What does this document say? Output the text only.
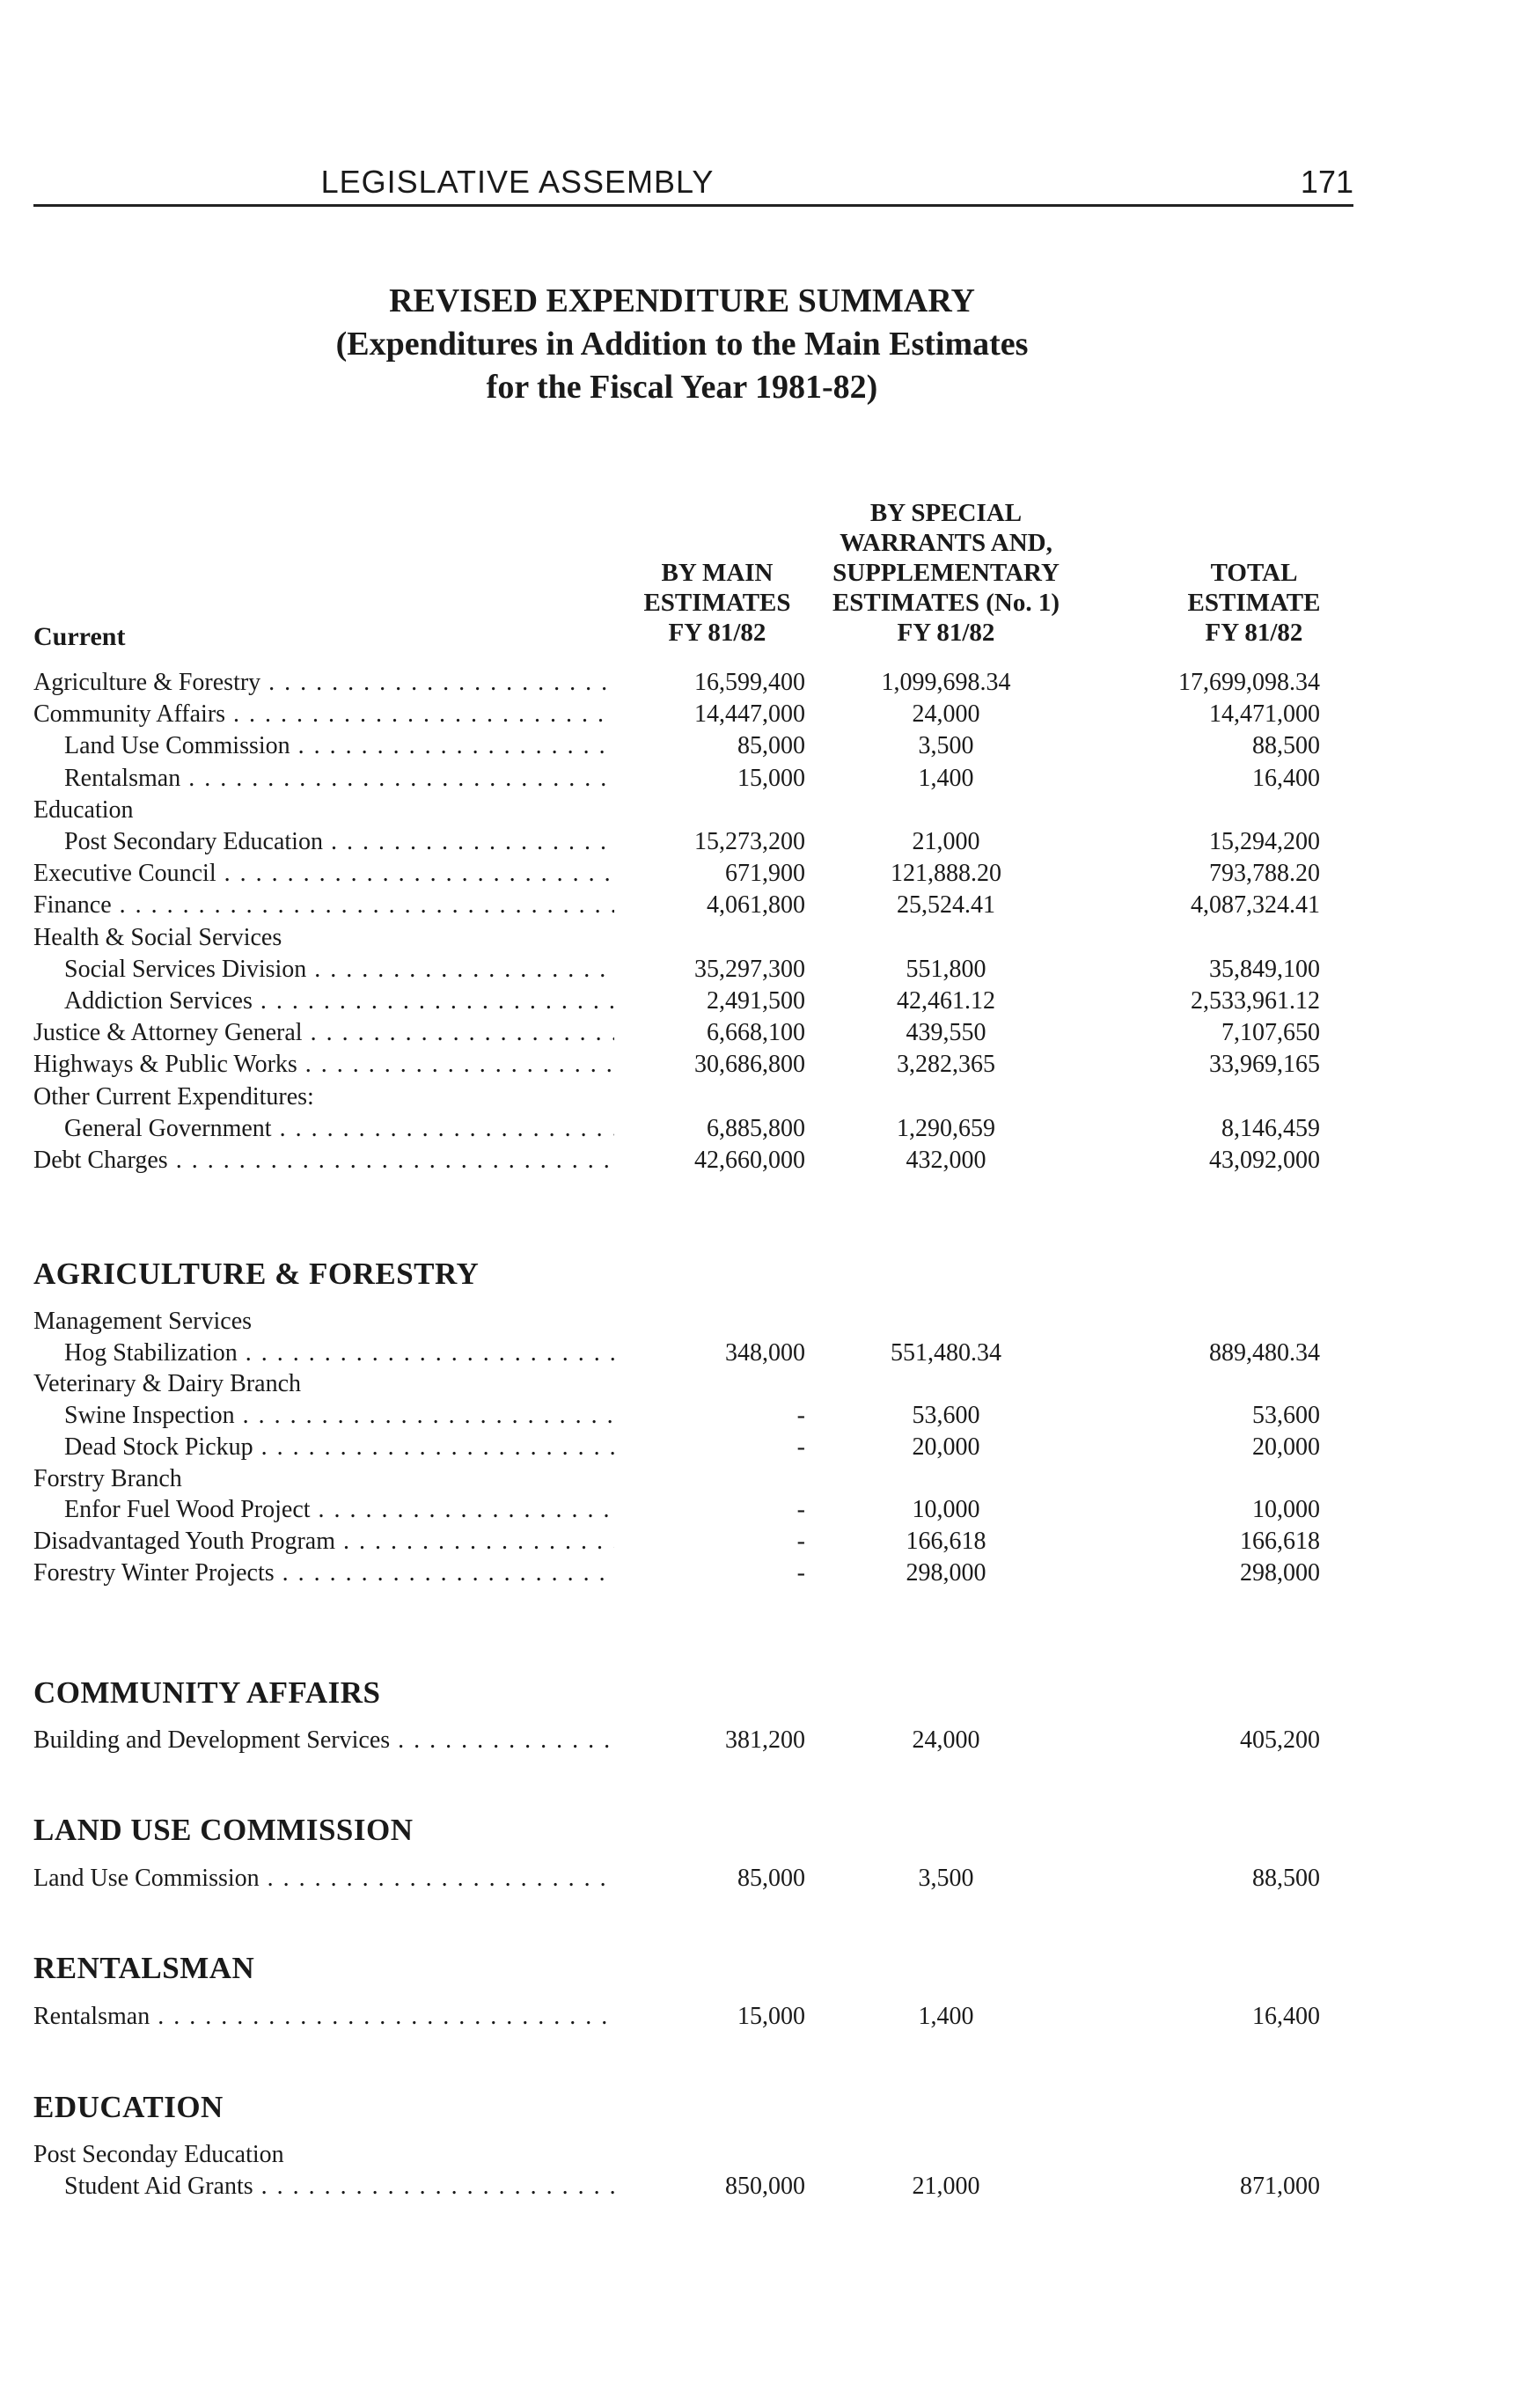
LEGISLATIVE ASSEMBLY	171
REVISED EXPENDITURE SUMMARY
(Expenditures in Addition to the Main Estimates
for the Fiscal Year 1981-82)
BY MAIN
ESTIMATES
FY 81/82
BY SPECIAL
WARRANTS AND,
SUPPLEMENTARY
ESTIMATES (No. 1)
FY 81/82
TOTAL
ESTIMATE
FY 81/82
Current
Agriculture & Forestry . . .	16,599,400	1,099,698.34	17,699,098.34
Community Affairs . . .	14,447,000	24,000	14,471,000
Land Use Commission . . .	85,000	3,500	88,500
Rentalsman . . .	15,000	1,400	16,400
Education
Post Secondary Education . . .	15,273,200	21,000	15,294,200
Executive Council . . .	671,900	121,888.20	793,788.20
Finance . . .	4,061,800	25,524.41	4,087,324.41
Health & Social Services
Social Services Division . . .	35,297,300	551,800	35,849,100
Addiction Services . . .	2,491,500	42,461.12	2,533,961.12
Justice & Attorney General . . .	6,668,100	439,550	7,107,650
Highways & Public Works . . .	30,686,800	3,282,365	33,969,165
Other Current Expenditures:
General Government . . .	6,885,800	1,290,659	8,146,459
Debt Charges . . .	42,660,000	432,000	43,092,000
AGRICULTURE & FORESTRY
Management Services
Hog Stabilization . . .	348,000	551,480.34	889,480.34
Veterinary & Dairy Branch
Swine Inspection . . .	-	53,600	53,600
Dead Stock Pickup . . .	-	20,000	20,000
Forstry Branch
Enfor Fuel Wood Project . . .	-	10,000	10,000
Disadvantaged Youth Program . . .	-	166,618	166,618
Forestry Winter Projects . . .	-	298,000	298,000
COMMUNITY AFFAIRS
Building and Development Services . . .	381,200	24,000	405,200
LAND USE COMMISSION
Land Use Commission . . .	85,000	3,500	88,500
RENTALSMAN
Rentalsman . . .	15,000	1,400	16,400
EDUCATION
Post Seconday Education
Student Aid Grants . . .	850,000	21,000	871,000
